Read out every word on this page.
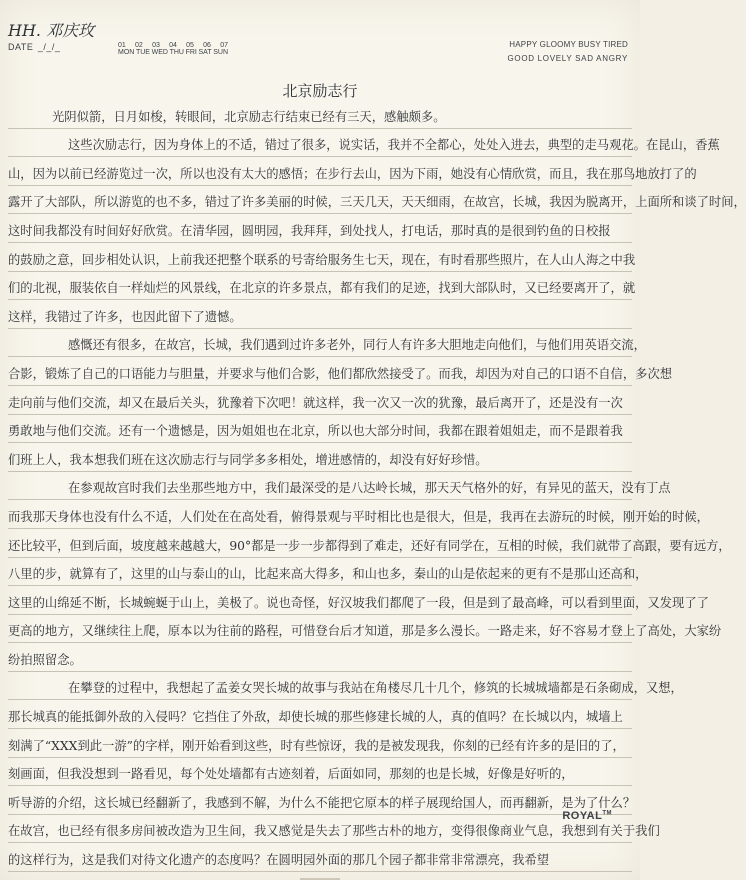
HH. 邓庆玫
DATE _/_/_	01 02 03 04 05 06 07
MON TUE WED THU FRI SAT SUN
HAPPY GLOOMY BUSY TIRED
GOOD LOVELY SAD ANGRY
北京励志行
光阴似箭，日月如梭，转眼间，北京励志行结束已经有三天，感触颇多。
这些次励志行，因为身体上的不适，错过了很多，说实话，我并不全都心，处处入进去，典型的走马观花。在昆山，香蕉
山，因为以前已经游览过一次，所以也没有太大的感悟；在步行去山，因为下雨，她没有心情欣赏，而且，我在那鸟地放打了的
露开了大部队，所以游览的也不多，错过了许多美丽的时候，三天几天，天天细雨，在故宫，长城，我因为脱离开，上面所和谈了时间，
这时间我都没有时间好好欣赏。在清华园，圆明园，我拜拜，到处找人，打电话，那时真的是很到钓鱼的日校报
的鼓励之意，回步相处认识，上前我还把整个联系的号寄给服务生七天，现在，有时看那些照片，在人山人海之中我
们的北视，服装依自一样灿烂的风景线，在北京的许多景点，都有我们的足迹，找到大部队时，又已经要离开了，就
这样，我错过了许多，也因此留下了遗憾。
感慨还有很多，在故宫，长城，我们遇到过许多老外，同行人有许多大胆地走向他们，与他们用英语交流，
合影，锻炼了自己的口语能力与胆量，并要求与他们合影，他们都欣然接受了。而我，却因为对自己的口语不自信，多次想
走向前与他们交流，却又在最后关头，犹豫着下次吧！就这样，我一次又一次的犹豫，最后离开了，还是没有一次
勇敢地与他们交流。还有一个遗憾是，因为姐姐也在北京，所以也大部分时间，我都在跟着姐姐走，而不是跟着我
们班上人，我本想我们班在这次励志行与同学多多相处，增进感情的，却没有好好珍惜。
在参观故宫时我们去坐那些地方中，我们最深受的是八达岭长城，那天天气格外的好，有异见的蓝天，没有丁点
而我那天身体也没有什么不适，人们处在在高处看，俯得景观与平时相比也是很大，但是，我再在去游玩的时候，刚开始的时候，
还比较平，但到后面，坡度越来越越大，90°都是一步一步都得到了难走，还好有同学在，互相的时候，我们就带了高跟，要有远方，
八里的步，就算有了，这里的山与泰山的山，比起来高大得多，和山也多，秦山的山是依起来的更有不是那山还高和，
这里的山绵延不断，长城蜿蜒于山上，美极了。说也奇怪，好汉坡我们都爬了一段，但是到了最高峰，可以看到里面，又发现了了
更高的地方，又继续往上爬，原本以为往前的路程，可惜登台后才知道，那是多么漫长。一路走来，好不容易才登上了高处，大家纷
纷拍照留念。
在攀登的过程中，我想起了孟姜女哭长城的故事与我站在角楼尽几十几个，修筑的长城城墙都是石条砌成，又想，
那长城真的能抵御外敌的入侵吗？它挡住了外敌，却使长城的那些修建长城的人，真的值吗？在长城以内，城墙上
刻满了“XXX到此一游”的字样，刚开始看到这些，时有些惊讶，我的是被发现我，你刻的已经有许多的是旧的了，
刻画面，但我没想到一路看见，每个处处墙都有古迹刻着，后面如同，那刻的也是长城，好像是好听的，
听导游的介绍，这长城已经翻新了，我感到不解，为什么不能把它原本的样子展现给国人，而再翻新，是为了什么？
在故宫，也已经有很多房间被改造为卫生间，我又感觉是失去了那些古朴的地方，变得很像商业气息，我想到有关于我们
的这样行为，这是我们对待文化遗产的态度吗？在圆明园外面的那几个园子都非常非常漂亮，我希望
ROYAL™
